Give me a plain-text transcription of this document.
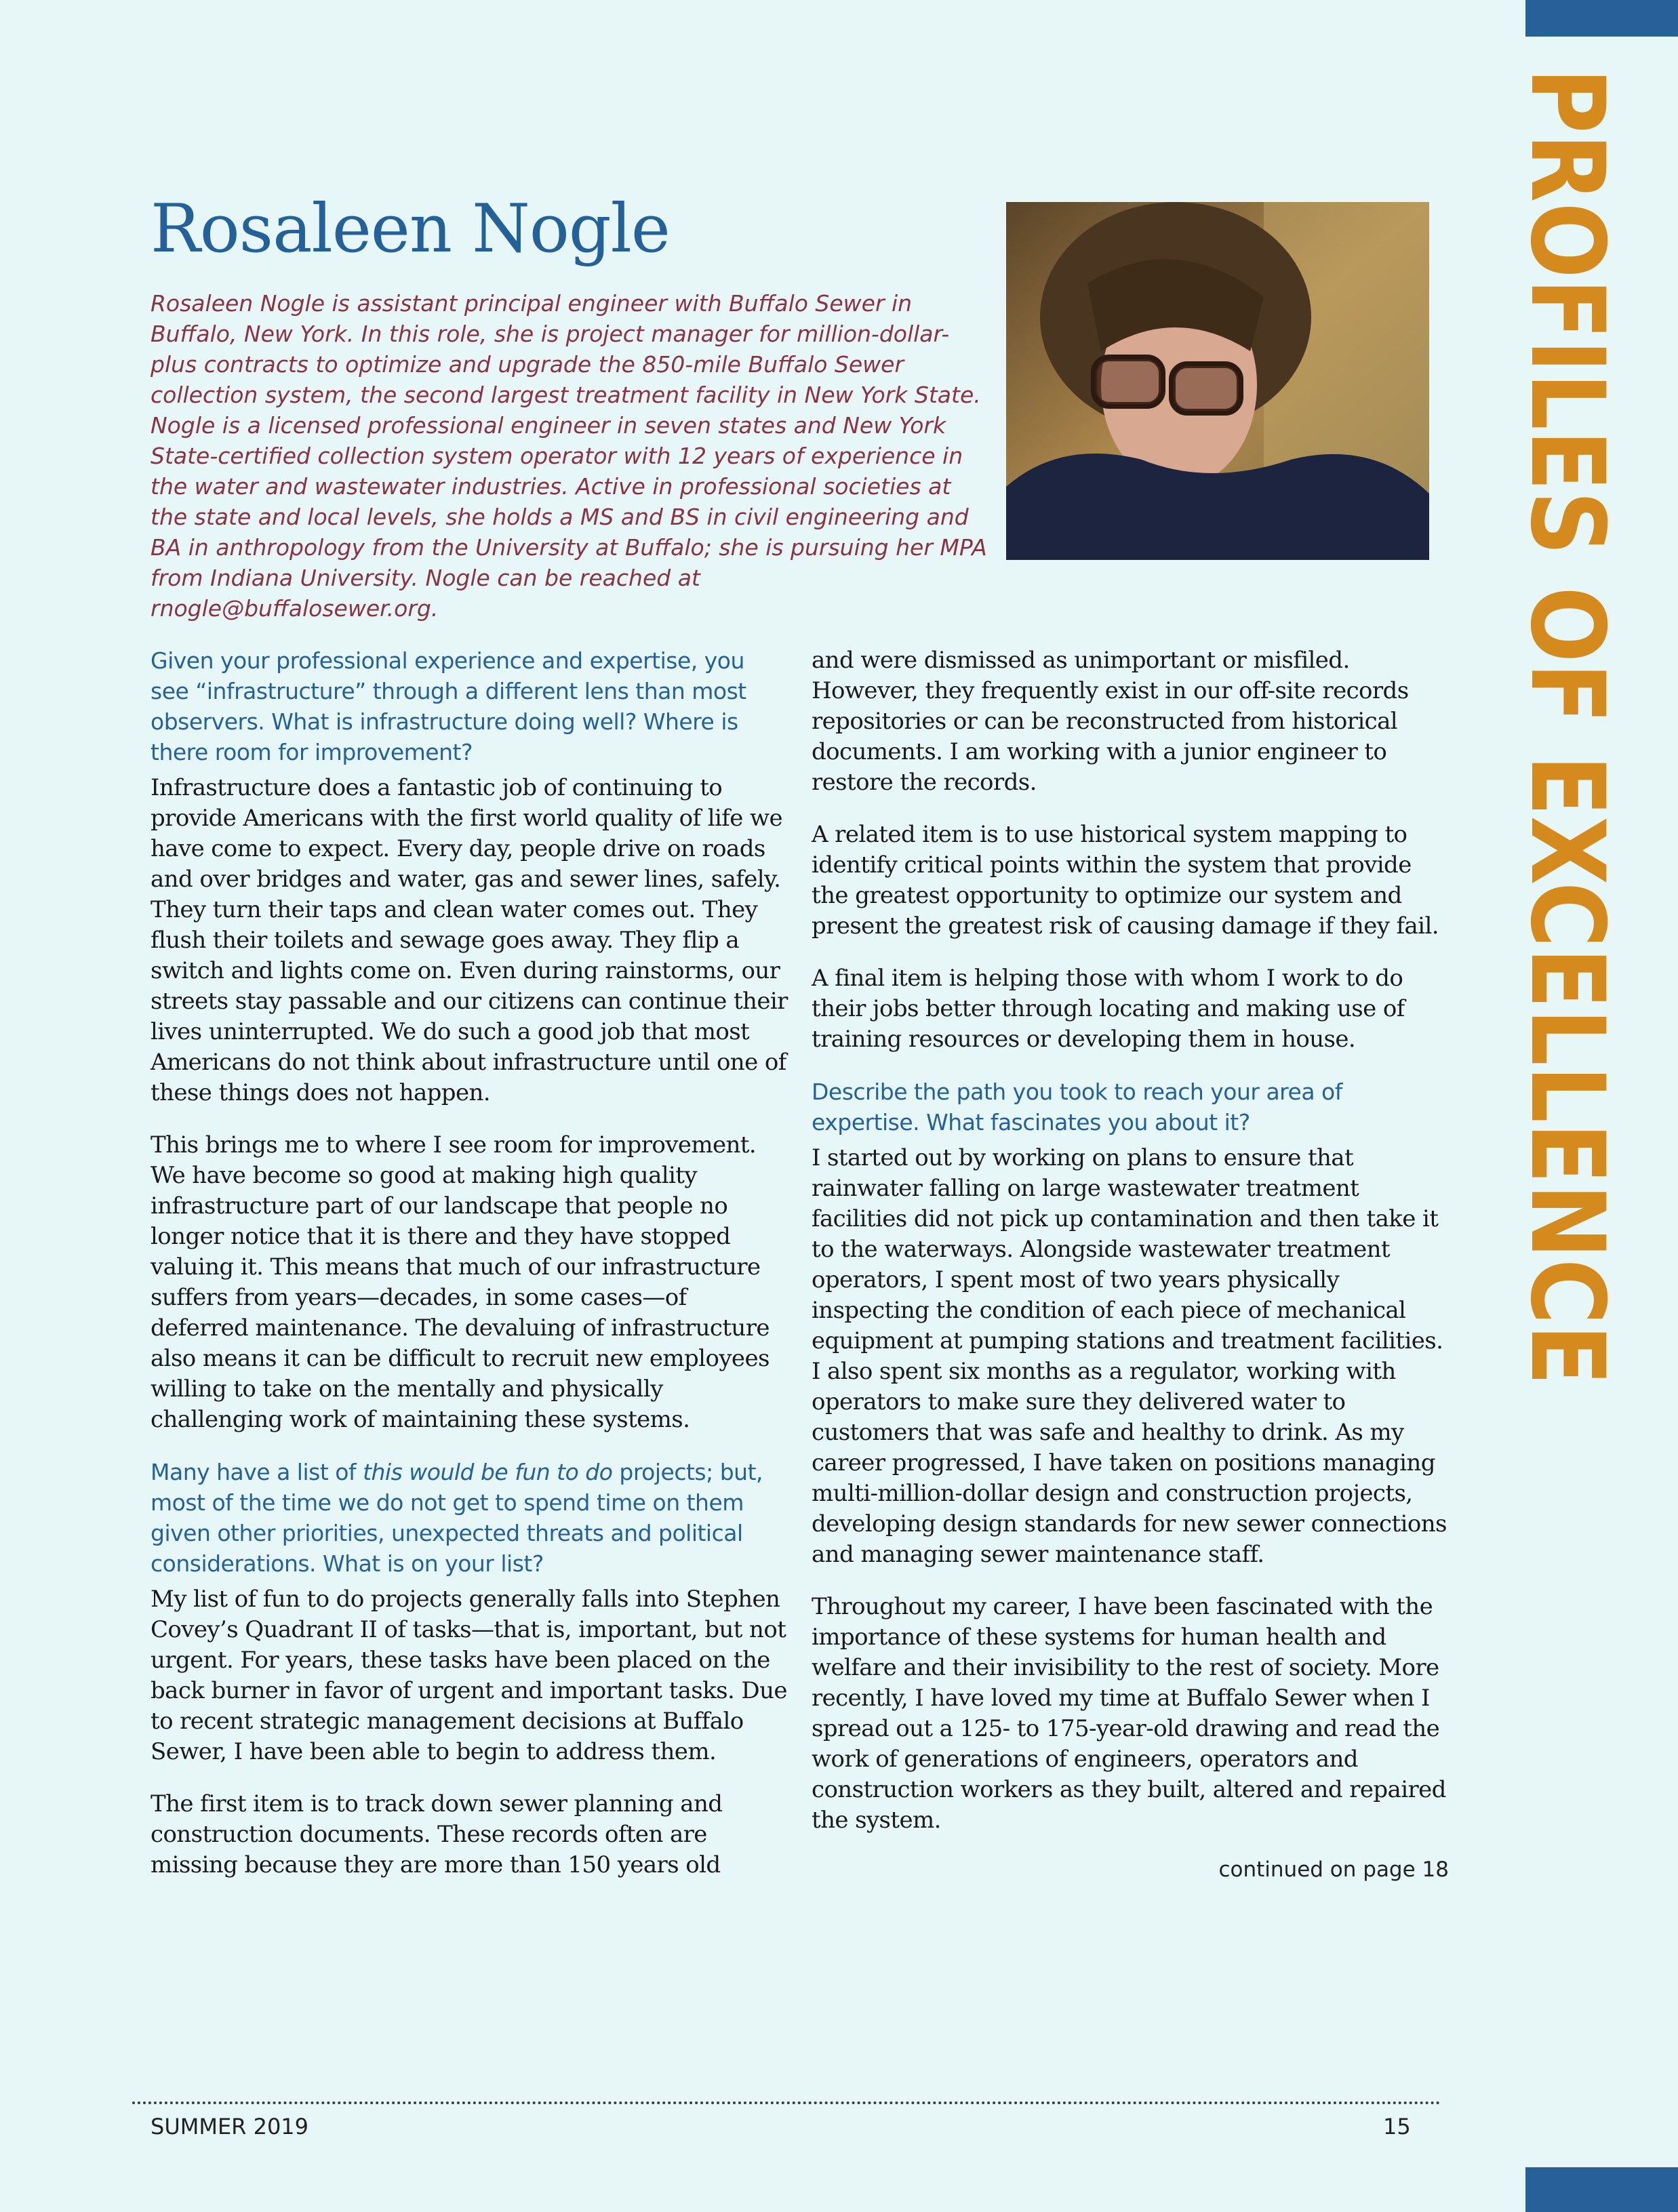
PROFILES OF EXCELLENCE
Rosaleen Nogle

Rosaleen Nogle is assistant principal engineer with Buffalo Sewer in Buffalo, New York. In this role, she is project manager for million-dollar-plus contracts to optimize and upgrade the 850-mile Buffalo Sewer collection system, the second largest treatment facility in New York State. Nogle is a licensed professional engineer in seven states and New York State-certified collection system operator with 12 years of experience in the water and wastewater industries. Active in professional societies at the state and local levels, she holds a MS and BS in civil engineering and BA in anthropology from the University at Buffalo; she is pursuing her MPA from Indiana University. Nogle can be reached at rnogle@buffalosewer.org.

Given your professional experience and expertise, you see “infrastructure” through a different lens than most observers. What is infrastructure doing well? Where is there room for improvement?

Infrastructure does a fantastic job of continuing to provide Americans with the first world quality of life we have come to expect. Every day, people drive on roads and over bridges and water, gas and sewer lines, safely. They turn their taps and clean water comes out. They flush their toilets and sewage goes away. They flip a switch and lights come on. Even during rainstorms, our streets stay passable and our citizens can continue their lives uninterrupted. We do such a good job that most Americans do not think about infrastructure until one of these things does not happen.

This brings me to where I see room for improvement. We have become so good at making high quality infrastructure part of our landscape that people no longer notice that it is there and they have stopped valuing it. This means that much of our infrastructure suffers from years—decades, in some cases—of deferred maintenance. The devaluing of infrastructure also means it can be difficult to recruit new employees willing to take on the mentally and physically challenging work of maintaining these systems.

Many have a list of this would be fun to do projects; but, most of the time we do not get to spend time on them given other priorities, unexpected threats and political considerations. What is on your list?

My list of fun to do projects generally falls into Stephen Covey’s Quadrant II of tasks—that is, important, but not urgent. For years, these tasks have been placed on the back burner in favor of urgent and important tasks. Due to recent strategic management decisions at Buffalo Sewer, I have been able to begin to address them.

The first item is to track down sewer planning and construction documents. These records often are missing because they are more than 150 years old

and were dismissed as unimportant or misfiled. However, they frequently exist in our off-site records repositories or can be reconstructed from historical documents. I am working with a junior engineer to restore the records.

A related item is to use historical system mapping to identify critical points within the system that provide the greatest opportunity to optimize our system and present the greatest risk of causing damage if they fail.

A final item is helping those with whom I work to do their jobs better through locating and making use of training resources or developing them in house.

Describe the path you took to reach your area of expertise. What fascinates you about it?

I started out by working on plans to ensure that rainwater falling on large wastewater treatment facilities did not pick up contamination and then take it to the waterways. Alongside wastewater treatment operators, I spent most of two years physically inspecting the condition of each piece of mechanical equipment at pumping stations and treatment facilities. I also spent six months as a regulator, working with operators to make sure they delivered water to customers that was safe and healthy to drink. As my career progressed, I have taken on positions managing multi-million-dollar design and construction projects, developing design standards for new sewer connections and managing sewer maintenance staff.

Throughout my career, I have been fascinated with the importance of these systems for human health and welfare and their invisibility to the rest of society. More recently, I have loved my time at Buffalo Sewer when I spread out a 125- to 175-year-old drawing and read the work of generations of engineers, operators and construction workers as they built, altered and repaired the system.

continued on page 18
SUMMER 2019	15
